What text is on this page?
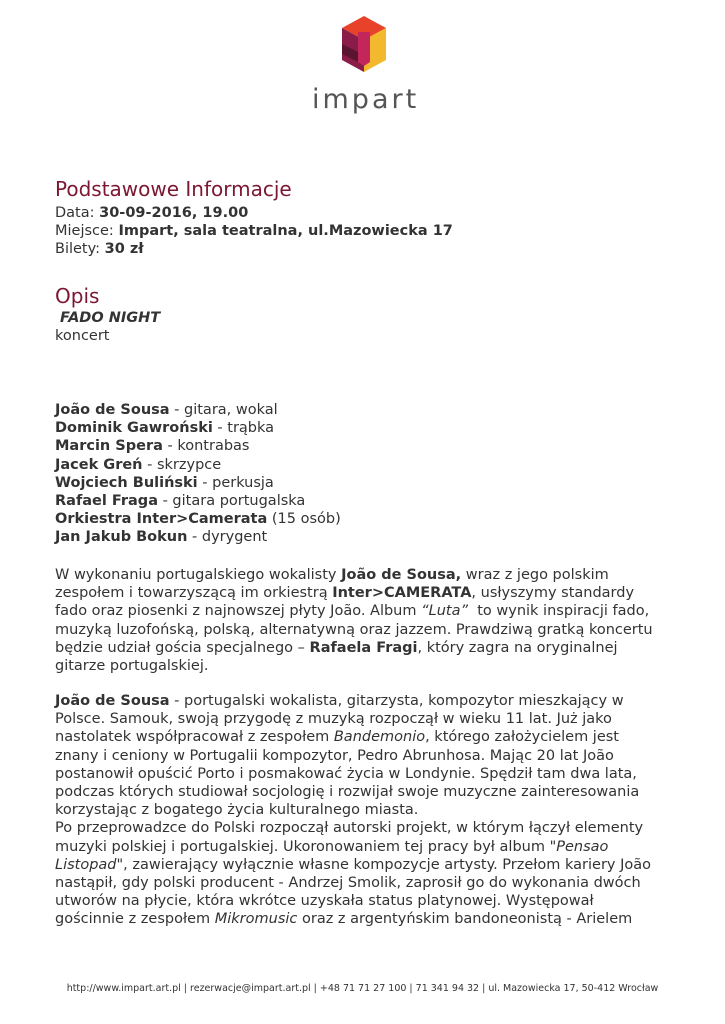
impart
Podstawowe Informacje
Data: 30-09-2016, 19.00
Miejsce: Impart, sala teatralna, ul.Mazowiecka 17
Bilety: 30 zł
Opis
FADO NIGHT
koncert

João de Sousa - gitara, wokal

Dominik Gawroński - trąbka

Marcin Spera - kontrabas

Jacek Greń - skrzypce

Wojciech Buliński - perkusja

Rafael Fraga - gitara portugalska

Orkiestra Inter>Camerata (15 osób)

Jan Jakub Bokun - dyrygent

W wykonaniu portugalskiego wokalisty João de Sousa, wraz z jego polskim

zespołem i towarzyszącą im orkiestrą Inter>CAMERATA, usłyszymy standardy

fado oraz piosenki z najnowszej płyty João. Album “Luta”  to wynik inspiracji fado,

muzyką luzofońską, polską, alternatywną oraz jazzem. Prawdziwą gratką koncertu

będzie udział gościa specjalnego – Rafaela Fragi, który zagra na oryginalnej

gitarze portugalskiej.

João de Sousa - portugalski wokalista, gitarzysta, kompozytor mieszkający w

Polsce. Samouk, swoją przygodę z muzyką rozpoczął w wieku 11 lat. Już jako

nastolatek współpracował z zespołem Bandemonio, którego założycielem jest

znany i ceniony w Portugalii kompozytor, Pedro Abrunhosa. Mając 20 lat João

postanowił opuścić Porto i posmakować życia w Londynie. Spędził tam dwa lata,

podczas których studiował socjologię i rozwijał swoje muzyczne zainteresowania

korzystając z bogatego życia kulturalnego miasta.

Po przeprowadzce do Polski rozpoczął autorski projekt, w którym łączył elementy

muzyki polskiej i portugalskiej. Ukoronowaniem tej pracy był album "Pensao

Listopad", zawierający wyłącznie własne kompozycje artysty. Przełom kariery João

nastąpił, gdy polski producent - Andrzej Smolik, zaprosił go do wykonania dwóch

utworów na płycie, która wkrótce uzyskała status platynowej. Występował

gościnnie z zespołem Mikromusic oraz z argentyńskim bandoneonistą - Arielem

http://www.impart.art.pl | rezerwacje@impart.art.pl | +48 71 71 27 100 | 71 341 94 32 | ul. Mazowiecka 17, 50-412 Wrocław
